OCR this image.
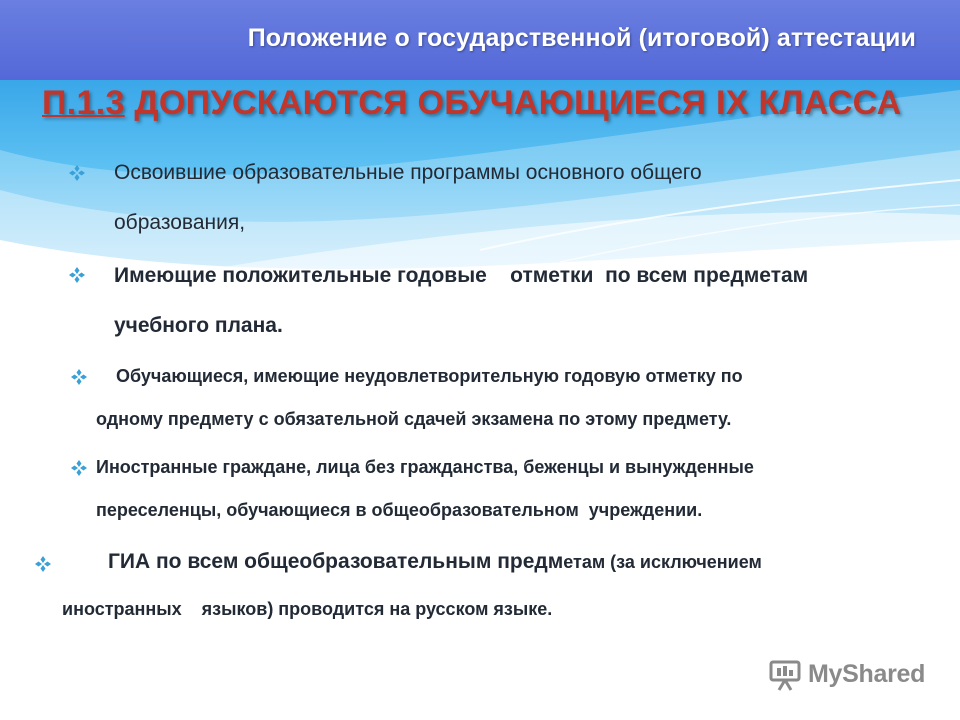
Положение о государственной (итоговой) аттестации
П.1.3 ДОПУСКАЮТСЯ ОБУЧАЮЩИЕСЯ IX КЛАССА
Освоившие образовательные программы основного общего
образования,
Имеющие положительные годовые    отметки  по всем предметам
учебного плана.
Обучающиеся, имеющие неудовлетворительную годовую отметку по
одному предмету с обязательной сдачей экзамена по этому предмету.
Иностранные граждане, лица без гражданства, беженцы и вынужденные
переселенцы, обучающиеся в общеобразовательном  учреждении.
ГИА по всем общеобразовательным предметам (за исключением
иностранных    языков) проводится на русском языке.
MyShared
